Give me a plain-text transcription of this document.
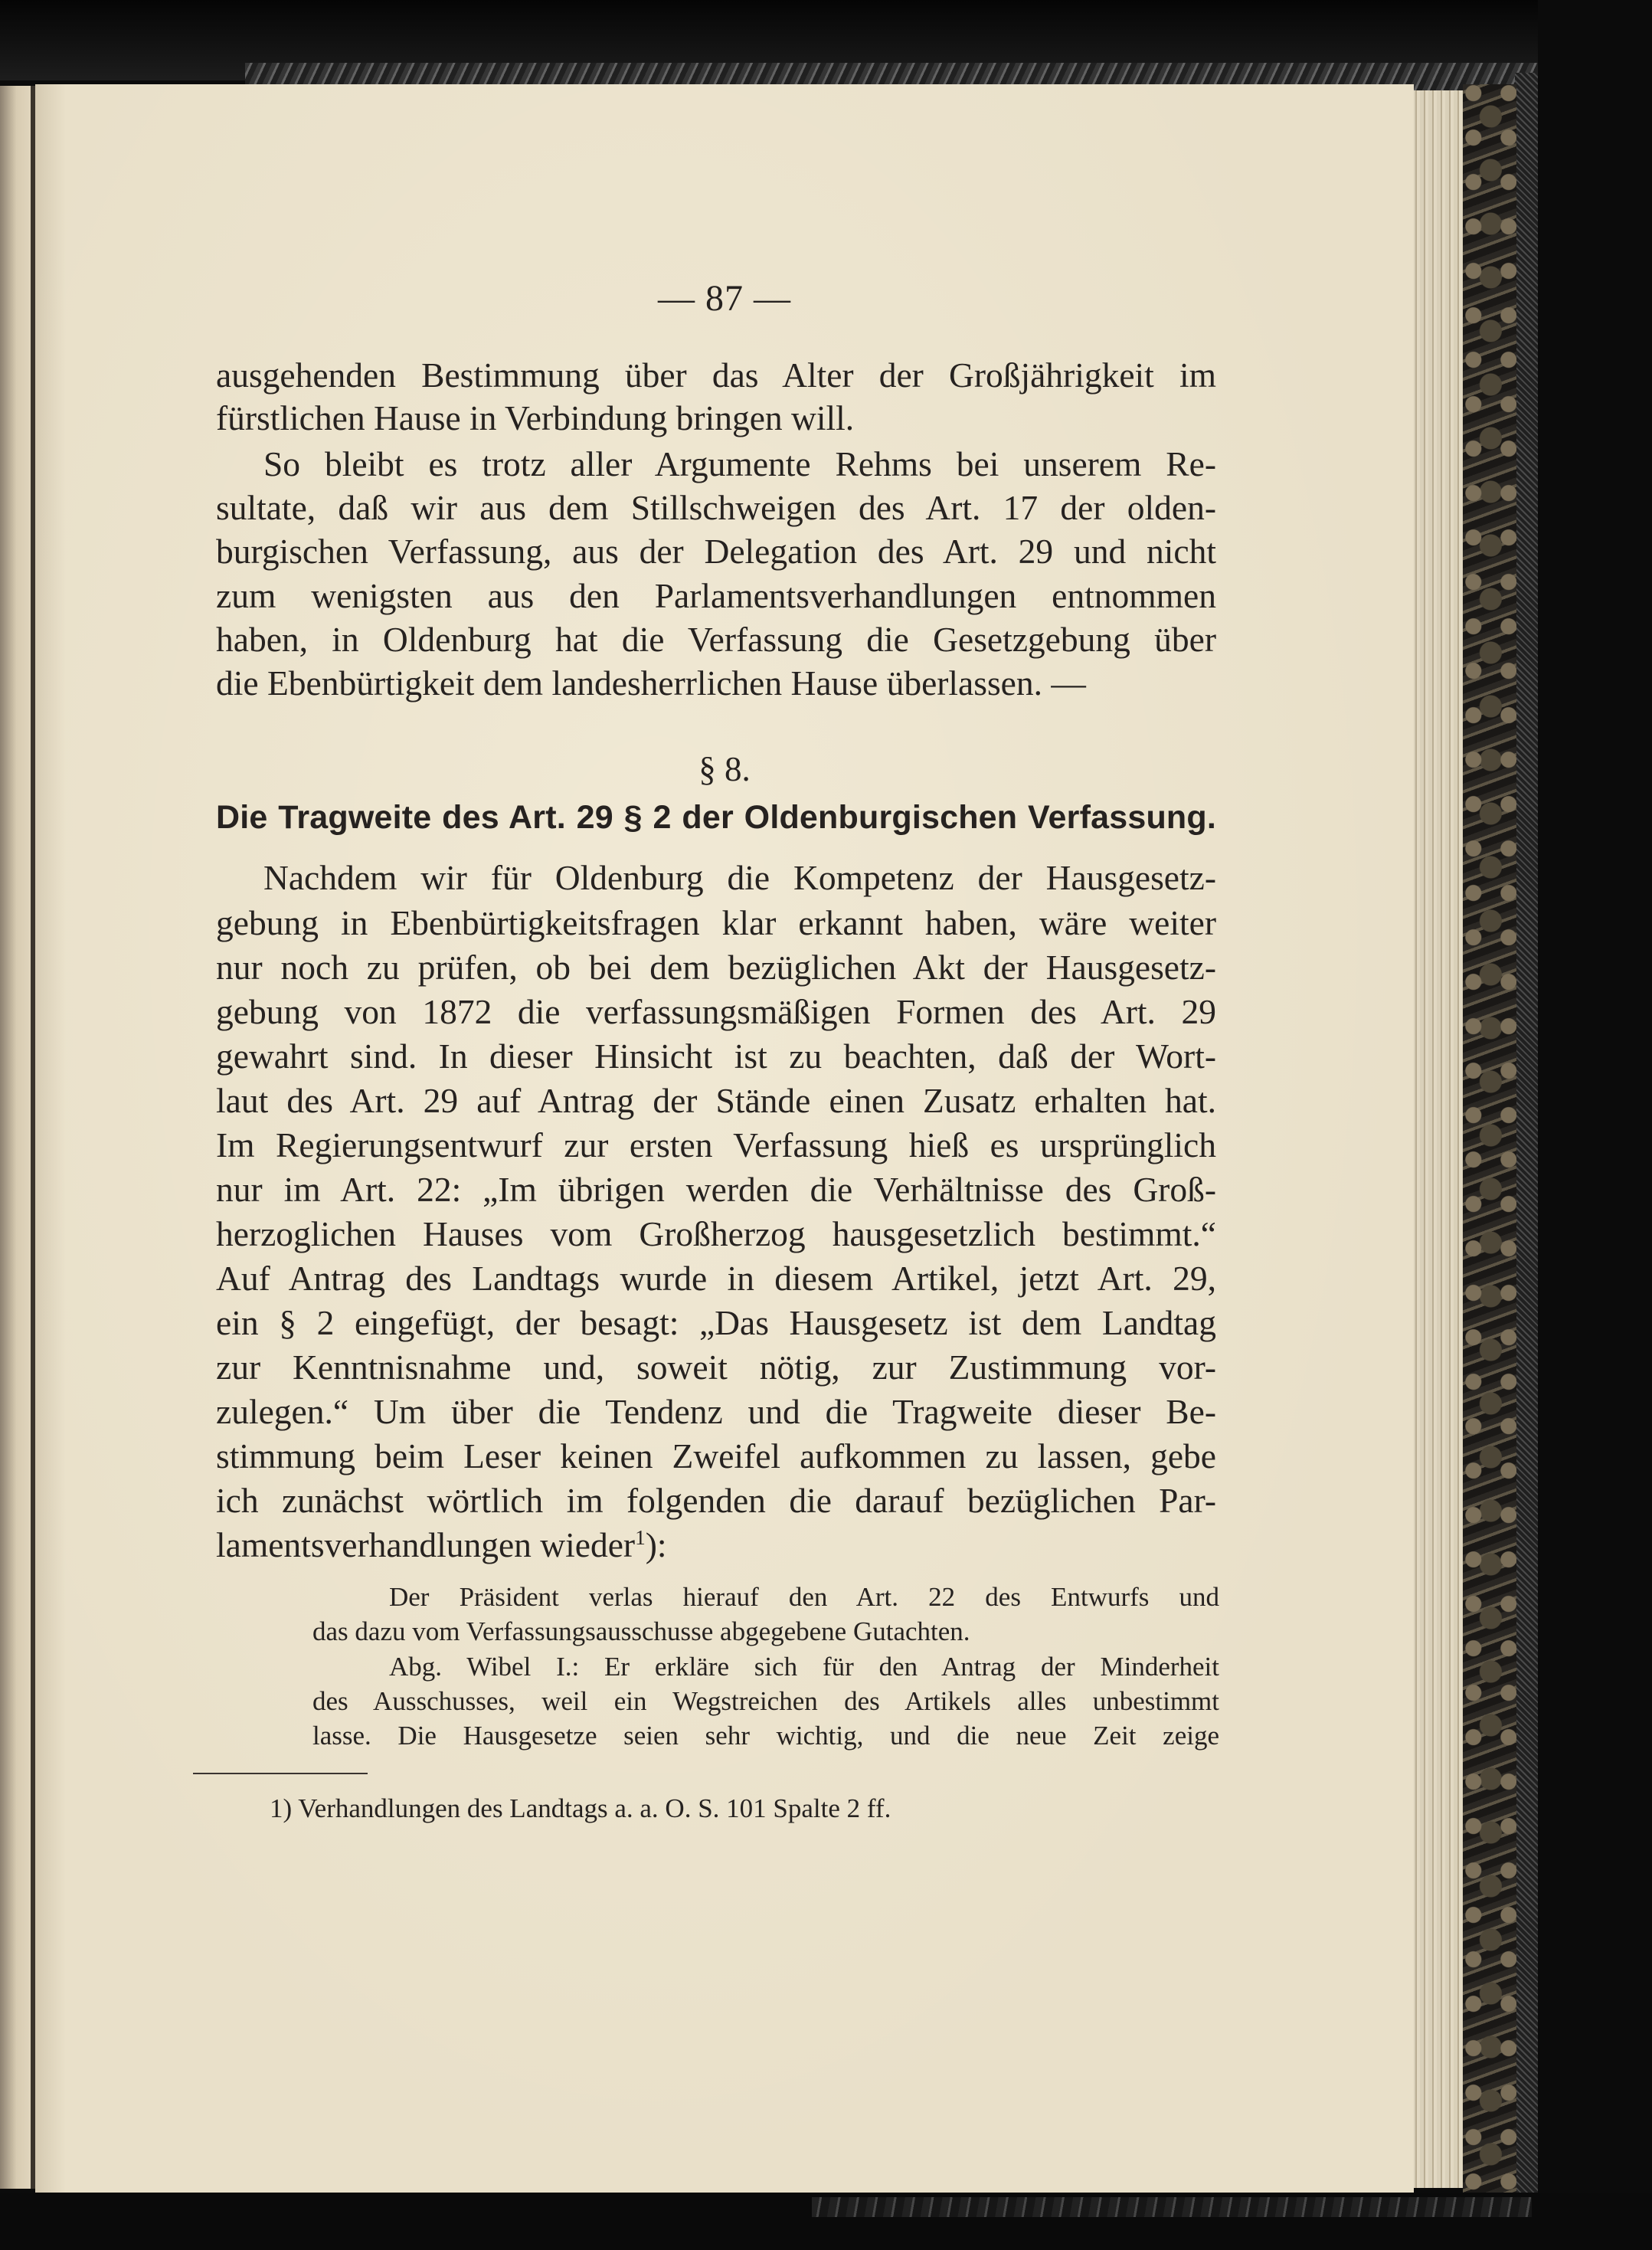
— 87 —
ausgehenden Bestimmung über das Alter der Großjährigkeit im
fürstlichen Hause in Verbindung bringen will.
So bleibt es trotz aller Argumente Rehms bei unserem Re-
sultate, daß wir aus dem Stillschweigen des Art. 17 der olden-
burgischen Verfassung, aus der Delegation des Art. 29 und nicht
zum wenigsten aus den Parlamentsverhandlungen entnommen
haben, in Oldenburg hat die Verfassung die Gesetzgebung über
die Ebenbürtigkeit dem landesherrlichen Hause überlassen. —
§ 8.
Die Tragweite des Art. 29 § 2 der Oldenburgischen Verfassung.
Nachdem wir für Oldenburg die Kompetenz der Hausgesetz-
gebung in Ebenbürtigkeitsfragen klar erkannt haben, wäre weiter
nur noch zu prüfen, ob bei dem bezüglichen Akt der Hausgesetz-
gebung von 1872 die verfassungsmäßigen Formen des Art. 29
gewahrt sind. In dieser Hinsicht ist zu beachten, daß der Wort-
laut des Art. 29 auf Antrag der Stände einen Zusatz erhalten hat.
Im Regierungsentwurf zur ersten Verfassung hieß es ursprünglich
nur im Art. 22: „Im übrigen werden die Verhältnisse des Groß-
herzoglichen Hauses vom Großherzog hausgesetzlich bestimmt.“
Auf Antrag des Landtags wurde in diesem Artikel, jetzt Art. 29,
ein § 2 eingefügt, der besagt: „Das Hausgesetz ist dem Landtag
zur Kenntnisnahme und, soweit nötig, zur Zustimmung vor-
zulegen.“ Um über die Tendenz und die Tragweite dieser Be-
stimmung beim Leser keinen Zweifel aufkommen zu lassen, gebe
ich zunächst wörtlich im folgenden die darauf bezüglichen Par-
lamentsverhandlungen wieder$^1$):
Der Präsident verlas hierauf den Art. 22 des Entwurfs und
das dazu vom Verfassungsausschusse abgegebene Gutachten.
Abg. Wibel I.: Er erkläre sich für den Antrag der Minderheit
des Ausschusses, weil ein Wegstreichen des Artikels alles unbestimmt
lasse. Die Hausgesetze seien sehr wichtig, und die neue Zeit zeige
1) Verhandlungen des Landtags a. a. O. S. 101 Spalte 2 ff.
